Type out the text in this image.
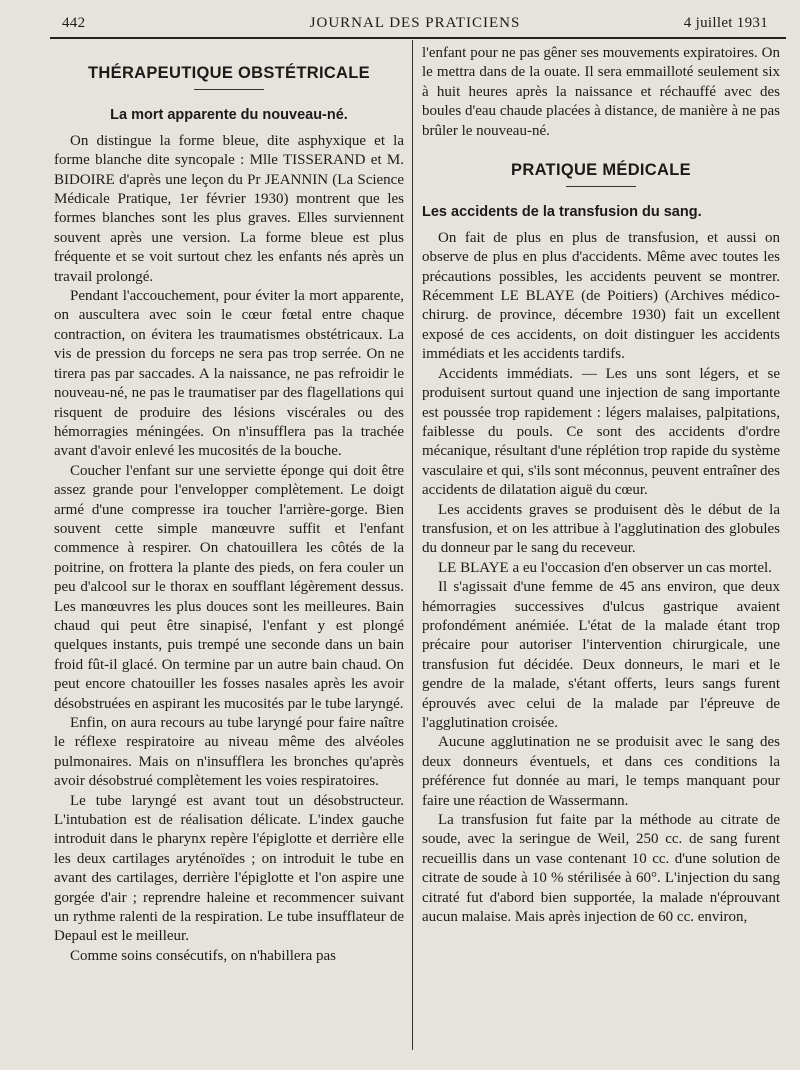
442	JOURNAL DES PRATICIENS	4 juillet 1931
THÉRAPEUTIQUE OBSTÉTRICALE
La mort apparente du nouveau-né.

On distingue la forme bleue, dite asphyxique et la forme blanche dite syncopale : Mlle TISSERAND et M. BIDOIRE d'après une leçon du Pr JEANNIN (La Science Médicale Pratique, 1er février 1930) montrent que les formes blanches sont les plus graves. Elles surviennent souvent après une version. La forme bleue est plus fréquente et se voit surtout chez les enfants nés après un travail prolongé.

Pendant l'accouchement, pour éviter la mort apparente, on auscultera avec soin le cœur fœtal entre chaque contraction, on évitera les traumatismes obstétricaux. La vis de pression du forceps ne sera pas trop serrée. On ne tirera pas par saccades. A la naissance, ne pas refroidir le nouveau-né, ne pas le traumatiser par des flagellations qui risquent de produire des lésions viscérales ou des hémorragies méningées. On n'insufflera pas la trachée avant d'avoir enlevé les mucosités de la bouche.

Coucher l'enfant sur une serviette éponge qui doit être assez grande pour l'envelopper complètement. Le doigt armé d'une compresse ira toucher l'arrière-gorge. Bien souvent cette simple manœuvre suffit et l'enfant commence à respirer. On chatouillera les côtés de la poitrine, on frottera la plante des pieds, on fera couler un peu d'alcool sur le thorax en soufflant légèrement dessus. Les manœuvres les plus douces sont les meilleures. Bain chaud qui peut être sinapisé, l'enfant y est plongé quelques instants, puis trempé une seconde dans un bain froid fût-il glacé. On termine par un autre bain chaud. On peut encore chatouiller les fosses nasales après les avoir désobstruées en aspirant les mucosités par le tube laryngé.

Enfin, on aura recours au tube laryngé pour faire naître le réflexe respiratoire au niveau même des alvéoles pulmonaires. Mais on n'insufflera les bronches qu'après avoir désobstrué complètement les voies respiratoires.

Le tube laryngé est avant tout un désobstructeur. L'intubation est de réalisation délicate. L'index gauche introduit dans le pharynx repère l'épiglotte et derrière elle les deux cartilages aryténoïdes ; on introduit le tube en avant des cartilages, derrière l'épiglotte et l'on aspire une gorgée d'air ; reprendre haleine et recommencer suivant un rythme ralenti de la respiration. Le tube insufflateur de Depaul est le meilleur.

Comme soins consécutifs, on n'habillera pas

l'enfant pour ne pas gêner ses mouvements expiratoires. On le mettra dans de la ouate. Il sera emmailloté seulement six à huit heures après la naissance et réchauffé avec des boules d'eau chaude placées à distance, de manière à ne pas brûler le nouveau-né.

PRATIQUE MÉDICALE
Les accidents de la transfusion du sang.

On fait de plus en plus de transfusion, et aussi on observe de plus en plus d'accidents. Même avec toutes les précautions possibles, les accidents peuvent se montrer. Récemment LE BLAYE (de Poitiers) (Archives médico-chirurg. de province, décembre 1930) fait un excellent exposé de ces accidents, on doit distinguer les accidents immédiats et les accidents tardifs.

Accidents immédiats. — Les uns sont légers, et se produisent surtout quand une injection de sang importante est poussée trop rapidement : légers malaises, palpitations, faiblesse du pouls. Ce sont des accidents d'ordre mécanique, résultant d'une réplétion trop rapide du système vasculaire et qui, s'ils sont méconnus, peuvent entraîner des accidents de dilatation aiguë du cœur.

Les accidents graves se produisent dès le début de la transfusion, et on les attribue à l'agglutination des globules du donneur par le sang du receveur.

LE BLAYE a eu l'occasion d'en observer un cas mortel.

Il s'agissait d'une femme de 45 ans environ, que deux hémorragies successives d'ulcus gastrique avaient profondément anémiée. L'état de la malade étant trop précaire pour autoriser l'intervention chirurgicale, une transfusion fut décidée. Deux donneurs, le mari et le gendre de la malade, s'étant offerts, leurs sangs furent éprouvés avec celui de la malade par l'épreuve de l'agglutination croisée.

Aucune agglutination ne se produisit avec le sang des deux donneurs éventuels, et dans ces conditions la préférence fut donnée au mari, le temps manquant pour faire une réaction de Wassermann.

La transfusion fut faite par la méthode au citrate de soude, avec la seringue de Weil, 250 cc. de sang furent recueillis dans un vase contenant 10 cc. d'une solution de citrate de soude à 10 % stérilisée à 60°. L'injection du sang citraté fut d'abord bien supportée, la malade n'éprouvant aucun malaise. Mais après injection de 60 cc. environ,
